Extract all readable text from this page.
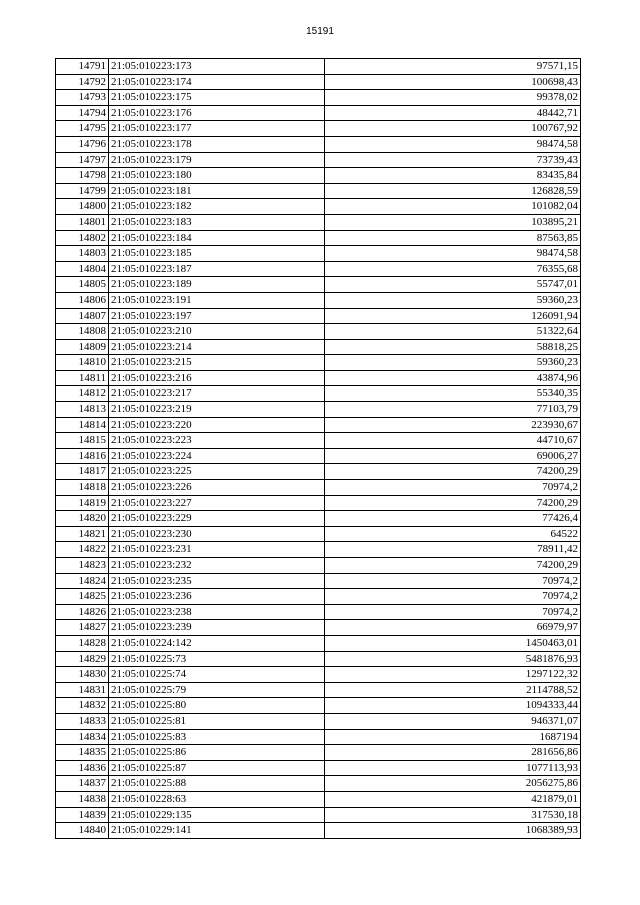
15191
14791	21:05:010223:173	97571,15
14792	21:05:010223:174	100698,43
14793	21:05:010223:175	99378,02
14794	21:05:010223:176	48442,71
14795	21:05:010223:177	100767,92
14796	21:05:010223:178	98474,58
14797	21:05:010223:179	73739,43
14798	21:05:010223:180	83435,84
14799	21:05:010223:181	126828,59
14800	21:05:010223:182	101082,04
14801	21:05:010223:183	103895,21
14802	21:05:010223:184	87563,85
14803	21:05:010223:185	98474,58
14804	21:05:010223:187	76355,68
14805	21:05:010223:189	55747,01
14806	21:05:010223:191	59360,23
14807	21:05:010223:197	126091,94
14808	21:05:010223:210	51322,64
14809	21:05:010223:214	58818,25
14810	21:05:010223:215	59360,23
14811	21:05:010223:216	43874,96
14812	21:05:010223:217	55340,35
14813	21:05:010223:219	77103,79
14814	21:05:010223:220	223930,67
14815	21:05:010223:223	44710,67
14816	21:05:010223:224	69006,27
14817	21:05:010223:225	74200,29
14818	21:05:010223:226	70974,2
14819	21:05:010223:227	74200,29
14820	21:05:010223:229	77426,4
14821	21:05:010223:230	64522
14822	21:05:010223:231	78911,42
14823	21:05:010223:232	74200,29
14824	21:05:010223:235	70974,2
14825	21:05:010223:236	70974,2
14826	21:05:010223:238	70974,2
14827	21:05:010223:239	66979,97
14828	21:05:010224:142	1450463,01
14829	21:05:010225:73	5481876,93
14830	21:05:010225:74	1297122,32
14831	21:05:010225:79	2114788,52
14832	21:05:010225:80	1094333,44
14833	21:05:010225:81	946371,07
14834	21:05:010225:83	1687194
14835	21:05:010225:86	281656,86
14836	21:05:010225:87	1077113,93
14837	21:05:010225:88	2056275,86
14838	21:05:010228:63	421879,01
14839	21:05:010229:135	317530,18
14840	21:05:010229:141	1068389,93
